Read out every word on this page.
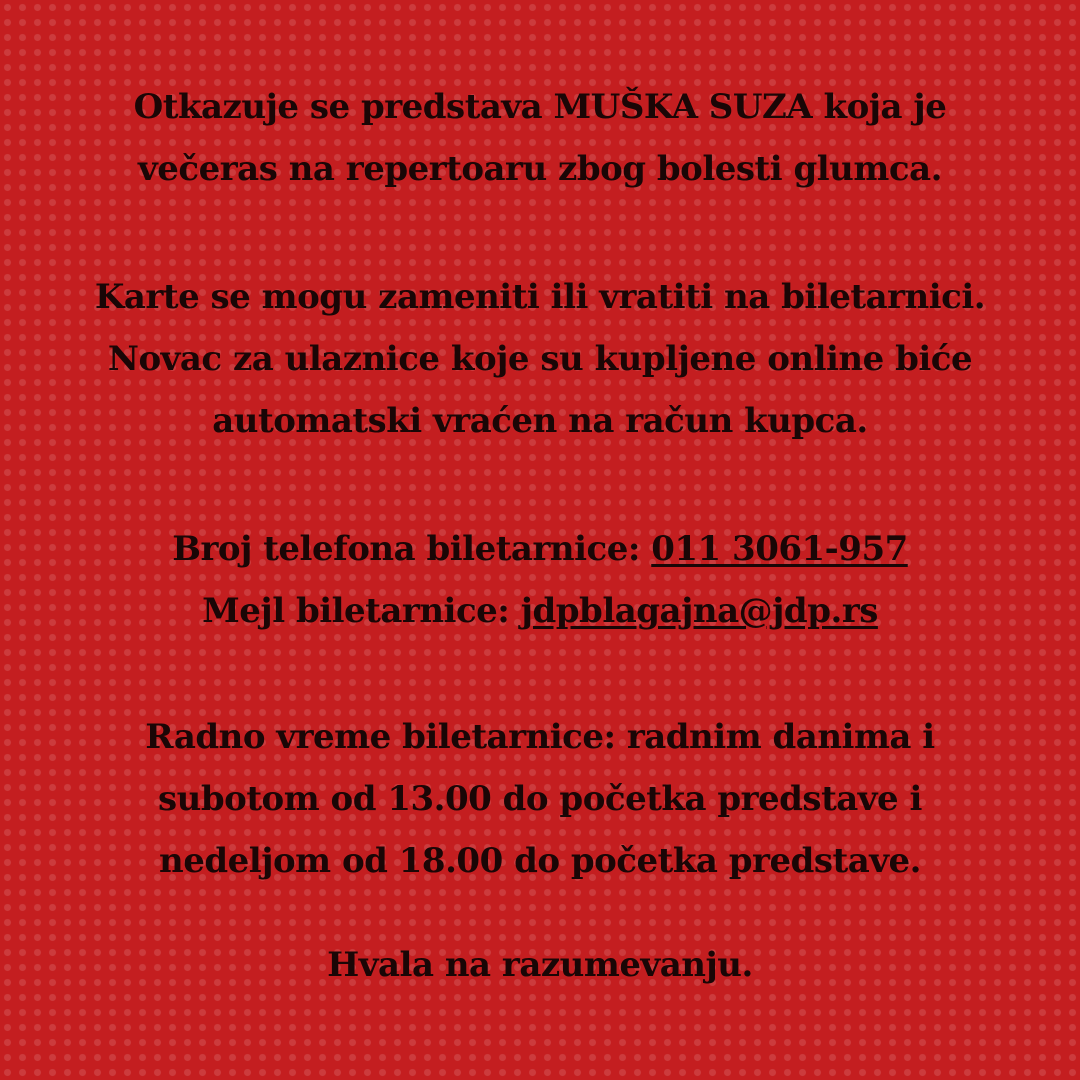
Otkazuje se predstava MUŠKA SUZA koja je
večeras na repertoaru zbog bolesti glumca.
Karte se mogu zameniti ili vratiti na biletarnici.
Novac za ulaznice koje su kupljene online biće
automatski vraćen na račun kupca.
Broj telefona biletarnice: 011 3061-957
Mejl biletarnice: jdpblagajna@jdp.rs
Radno vreme biletarnice: radnim danima i
subotom od 13.00 do početka predstave i
nedeljom od 18.00 do početka predstave.
Hvala na razumevanju.
